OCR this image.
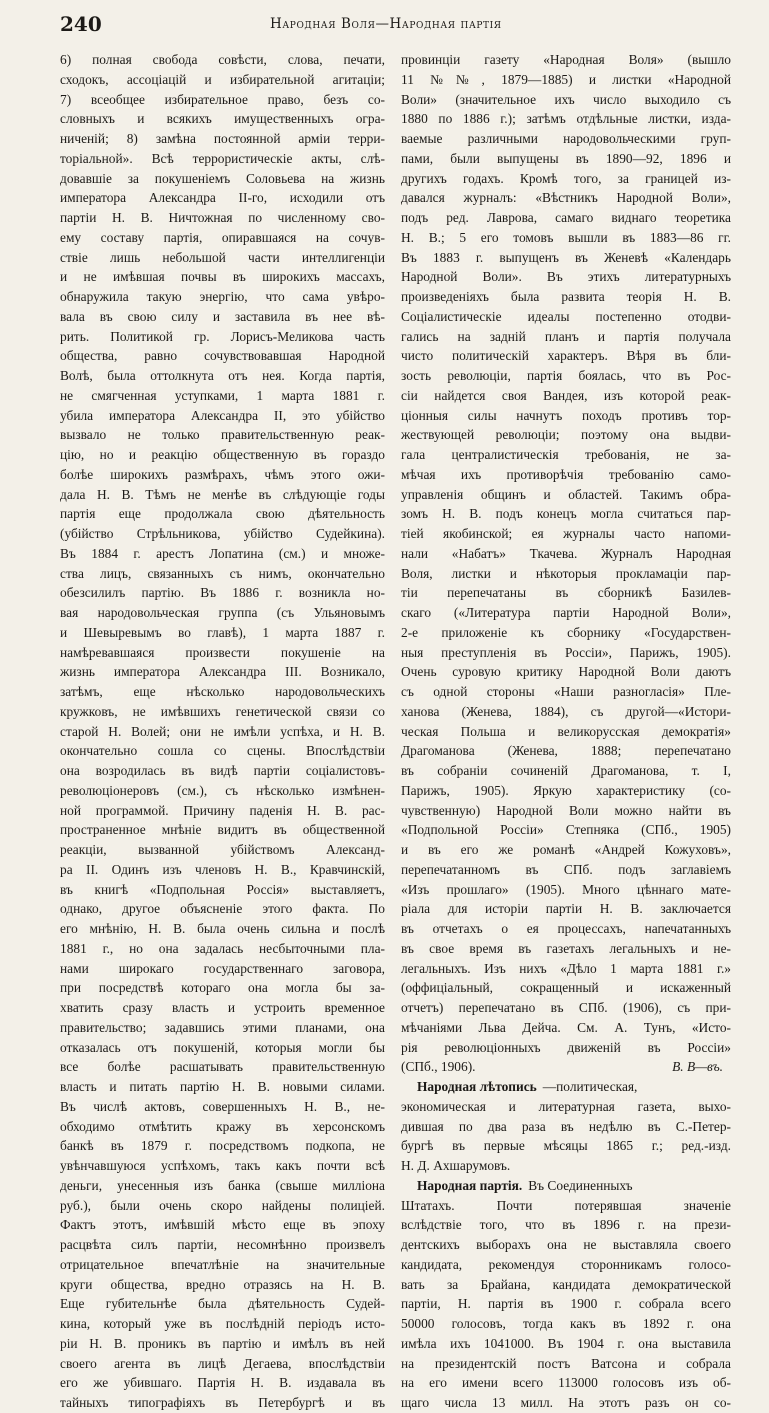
240	Народная Воля—Народная партія
6) полная свобода совѣсти, слова, печати,
сходокъ, ассоціацій и избирательной агитаціи;
7) всеобщее избирательное право, безъ со-
словныхъ и всякихъ имущественныхъ огра-
ниченій; 8) замѣна постоянной арміи терри-
торіальной». Всѣ террористическіе акты, слѣ-
довавшіе за покушеніемъ Соловьева на жизнь
императора Александра II-го, исходили отъ
партіи Н. В. Ничтожная по численному сво-
ему составу партія, опиравшаяся на сочув-
ствіе лишь небольшой части интеллигенціи
и не имѣвшая почвы въ широкихъ массахъ,
обнаружила такую энергію, что сама увѣро-
вала въ свою силу и заставила въ нее вѣ-
рить. Политикой гр. Лорисъ-Меликова часть
общества, равно сочувствовавшая Народной
Волѣ, была оттолкнута отъ нея. Когда партія,
не смягченная уступками, 1 марта 1881 г.
убила императора Александра II, это убійство
вызвало не только правительственную реак-
цію, но и реакцію общественную въ гораздо
болѣе широкихъ размѣрахъ, чѣмъ этого ожи-
дала Н. В. Тѣмъ не менѣе въ слѣдующіе годы
партія еще продолжала свою дѣятельность
(убійство Стрѣльникова, убійство Судейкина).
Въ 1884 г. арестъ Лопатина (см.) и множе-
ства лицъ, связанныхъ съ нимъ, окончательно
обезсилилъ партію. Въ 1886 г. возникла но-
вая народовольческая группа (съ Ульяновымъ
и Шевыревымъ во главѣ), 1 марта 1887 г.
намѣревавшаяся произвести покушеніе на
жизнь императора Александра III. Возникало,
затѣмъ, еще нѣсколько народовольческихъ
кружковъ, не имѣвшихъ генетической связи со
старой Н. Волей; они не имѣли успѣха, и Н. В.
окончательно сошла со сцены. Впослѣдствіи
она возродилась въ видѣ партіи соціалистовъ-
революціонеровъ (см.), съ нѣсколько измѣнен-
ной программой. Причину паденія Н. В. рас-
пространенное мнѣніе видитъ въ общественной
реакціи, вызванной убійствомъ Александ-
ра II. Одинъ изъ членовъ Н. В., Кравчинскій,
въ книгѣ «Подпольная Россія» выставляетъ,
однако, другое объясненіе этого факта. По
его мнѣнію, Н. В. была очень сильна и послѣ
1881 г., но она задалась несбыточными пла-
нами широкаго государственнаго заговора,
при посредствѣ котораго она могла бы за-
хватить сразу власть и устроить временное
правительство; задавшись этими планами, она
отказалась отъ покушеній, которыя могли бы
все болѣе расшатывать правительственную
власть и питать партію Н. В. новыми силами.
Въ числѣ актовъ, совершенныхъ Н. В., не-
обходимо отмѣтить кражу въ херсонскомъ
банкѣ въ 1879 г. посредствомъ подкопа, не
увѣнчавшуюся успѣхомъ, такъ какъ почти всѣ
деньги, унесенныя изъ банка (свыше милліона
руб.), были очень скоро найдены полиціей.
Фактъ этотъ, имѣвшій мѣсто еще въ эпоху
расцвѣта силъ партіи, несомнѣнно произвелъ
отрицательное впечатлѣніе на значительные
круги общества, вредно отразясь на Н. В.
Еще губительнѣе была дѣятельность Судей-
кина, который уже въ послѣдній періодъ исто-
ріи Н. В. проникъ въ партію и имѣлъ въ ней
своего агента въ лицѣ Дегаева, впослѣдствіи
его же убившаго. Партія Н. В. издавала въ
тайныхъ типографіяхъ въ Петербургѣ и въ
провинціи газету «Народная Воля» (вышло
11 №№, 1879—1885) и листки «Народной
Воли» (значительное ихъ число выходило съ
1880 по 1886 г.); затѣмъ отдѣльные листки, изда-
ваемые различными народовольческими груп-
пами, были выпущены въ 1890—92, 1896 и
другихъ годахъ. Кромѣ того, за границей из-
давался журналъ: «Вѣстникъ Народной Воли»,
подъ ред. Лаврова, самаго виднаго теоретика
Н. В.; 5 его томовъ вышли въ 1883—86 гг.
Въ 1883 г. выпущенъ въ Женевѣ «Календарь
Народной Воли». Въ этихъ литературныхъ
произведеніяхъ была развита теорія Н. В.
Соціалистическіе идеалы постепенно отодви-
гались на задній планъ и партія получала
чисто политическій характеръ. Вѣря въ бли-
зость революціи, партія боялась, что въ Рос-
сіи найдется своя Вандея, изъ которой реак-
ціонныя силы начнутъ походъ противъ тор-
жествующей революціи; поэтому она выдви-
гала централистическія требованія, не за-
мѣчая ихъ противорѣчія требованію само-
управленія общинъ и областей. Такимъ обра-
зомъ Н. В. подъ конецъ могла считаться пар-
тіей якобинской; ея журналы часто напоми-
нали «Набатъ» Ткачева. Журналъ Народная
Воля, листки и нѣкоторыя прокламаціи пар-
тіи перепечатаны въ сборникѣ Базилев-
скаго («Литература партіи Народной Воли»,
2-е приложеніе къ сборнику «Государствен-
ныя преступленія въ Россіи», Парижъ, 1905).
Очень суровую критику Народной Воли даютъ
съ одной стороны «Наши разногласія» Пле-
ханова (Женева, 1884), съ другой—«Истори-
ческая Польша и великорусская демократія»
Драгоманова (Женева, 1888; перепечатано
въ собраніи сочиненій Драгоманова, т. I,
Парижъ, 1905). Яркую характеристику (со-
чувственную) Народной Воли можно найти въ
«Подпольной Россіи» Степняка (СПб., 1905)
и въ его же романѣ «Андрей Кожуховъ»,
перепечатанномъ въ СПб. подъ заглавіемъ
«Изъ прошлаго» (1905). Много цѣннаго мате-
ріала для исторіи партіи Н. В. заключается
въ отчетахъ о ея процессахъ, напечатанныхъ
въ свое время въ газетахъ легальныхъ и не-
легальныхъ. Изъ нихъ «Дѣло 1 марта 1881 г.»
(оффиціальный, сокращенный и искаженный
отчетъ) перепечатано въ СПб. (1906), съ при-
мѣчаніями Льва Дейча. См. А. Тунъ, «Исто-
рія революціонныхъ движеній въ Россіи»
(СПб., 1906).	В. В—въ.
Народная лѣтопись —политическая,
экономическая и литературная газета, выхо-
дившая по два раза въ недѣлю въ С.-Петер-
бургѣ въ первые мѣсяцы 1865 г.; ред.-изд.
Н. Д. Ахшарумовъ.
Народная партія. Въ Соединенныхъ
Штатахъ. Почти потерявшая значеніе
вслѣдствіе того, что въ 1896 г. на прези-
дентскихъ выборахъ она не выставляла своего
кандидата, рекомендуя сторонникамъ голосо-
вать за Брайана, кандидата демократической
партіи, Н. партія въ 1900 г. собрала всего
50000 голосовъ, тогда какъ въ 1892 г. она
имѣла ихъ 1041000. Въ 1904 г. она выставила
на президентскій постъ Ватсона и собрала
на его имени всего 113000 голосовъ изъ об-
щаго числа 13 милл. На этотъ разъ он со-
